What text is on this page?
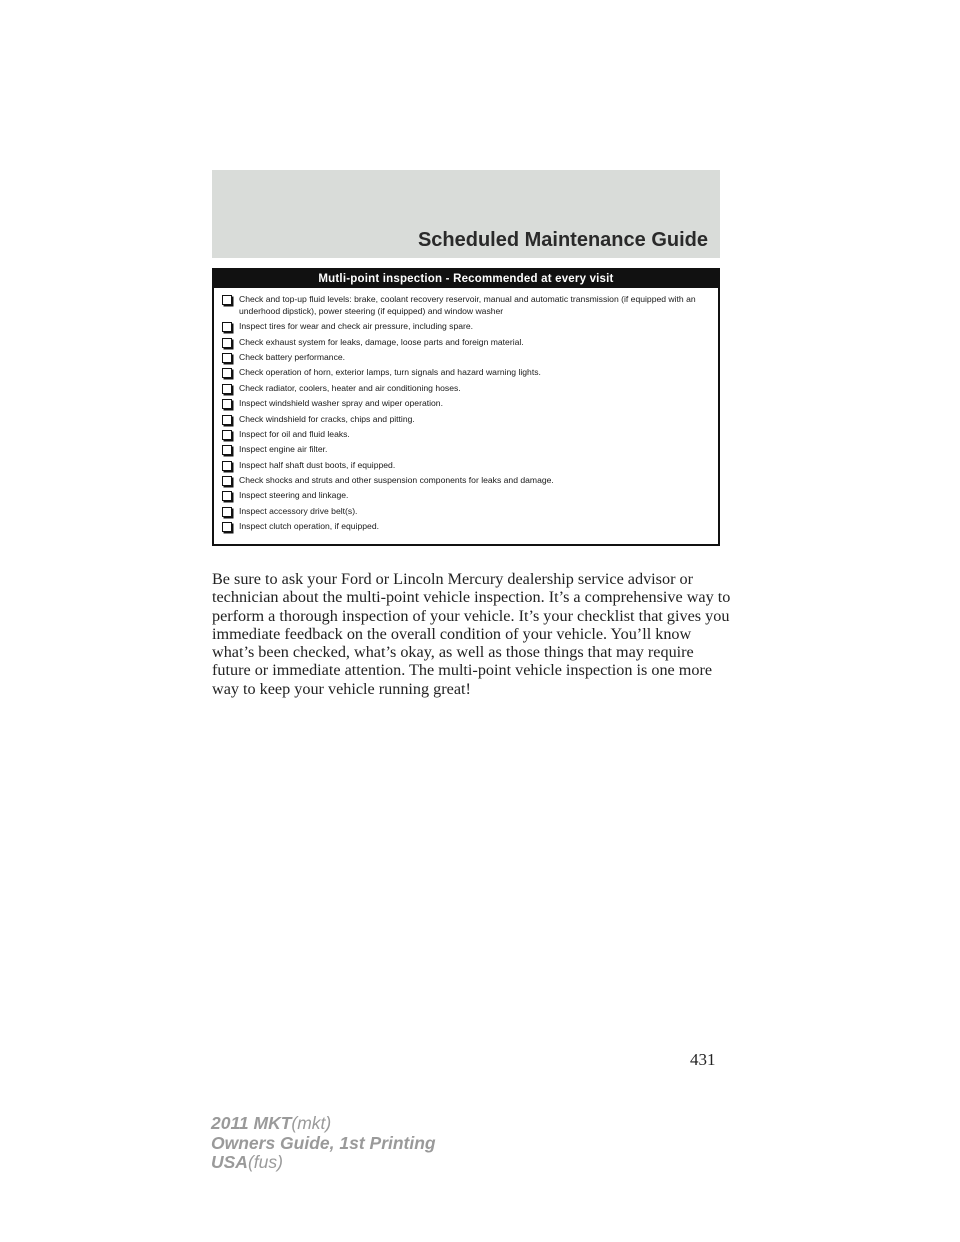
Scheduled Maintenance Guide
Mutli-point inspection - Recommended at every visit
Check and top-up fluid levels: brake, coolant recovery reservoir, manual and automatic transmission (if equipped with an underhood dipstick), power steering (if equipped) and window washer
Inspect tires for wear and check air pressure, including spare.
Check exhaust system for leaks, damage, loose parts and foreign material.
Check battery performance.
Check operation of horn, exterior lamps, turn signals and hazard warning lights.
Check radiator, coolers, heater and air conditioning hoses.
Inspect windshield washer spray and wiper operation.
Check windshield for cracks, chips and pitting.
Inspect for oil and fluid leaks.
Inspect engine air filter.
Inspect half shaft dust boots, if equipped.
Check shocks and struts and other suspension components for leaks and damage.
Inspect steering and linkage.
Inspect accessory drive belt(s).
Inspect clutch operation, if equipped.

Be sure to ask your Ford or Lincoln Mercury dealership service advisor or technician about the multi-point vehicle inspection. It’s a comprehensive way to perform a thorough inspection of your vehicle. It’s your checklist that gives you immediate feedback on the overall condition of your vehicle. You’ll know what’s been checked, what’s okay, as well as those things that may require future or immediate attention. The multi-point vehicle inspection is one more way to keep your vehicle running great!

431
2011 MKT(mkt)
Owners Guide, 1st Printing
USA(fus)
